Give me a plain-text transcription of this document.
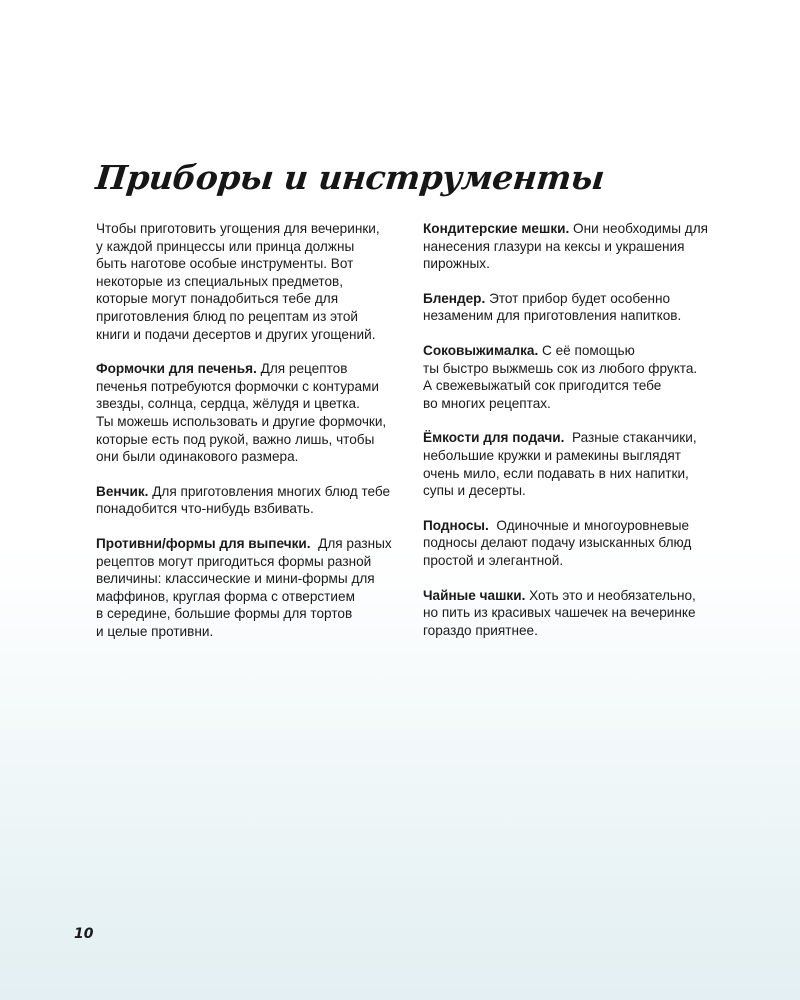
Приборы и инструменты

Чтобы приготовить угощения для вечеринки,
у каждой принцессы или принца должны
быть наготове особые инструменты. Вот
некоторые из специальных предметов,
которые могут понадобиться тебе для
приготовления блюд по рецептам из этой
книги и подачи десертов и других угощений.

Формочки для печенья. Для рецептов
печенья потребуются формочки с контурами
звезды, солнца, сердца, жёлудя и цветка.
Ты можешь использовать и другие формочки,
которые есть под рукой, важно лишь, чтобы
они были одинакового размера.

Венчик. Для приготовления многих блюд тебе
понадобится что-нибудь взбивать.

Противни/формы для выпечки. Для разных
рецептов могут пригодиться формы разной
величины: классические и мини-формы для
маффинов, круглая форма с отверстием
в середине, большие формы для тортов
и целые противни.

Кондитерские мешки. Они необходимы для
нанесения глазури на кексы и украшения
пирожных.

Блендер. Этот прибор будет особенно
незаменим для приготовления напитков.

Соковыжималка. С её помощью
ты быстро выжмешь сок из любого фрукта.
А свежевыжатый сок пригодится тебе
во многих рецептах.

Ёмкости для подачи. Разные стаканчики,
небольшие кружки и рамекины выглядят
очень мило, если подавать в них напитки,
супы и десерты.

Подносы. Одиночные и многоуровневые
подносы делают подачу изысканных блюд
простой и элегантной.

Чайные чашки. Хоть это и необязательно,
но пить из красивых чашечек на вечеринке
гораздо приятнее.

10
